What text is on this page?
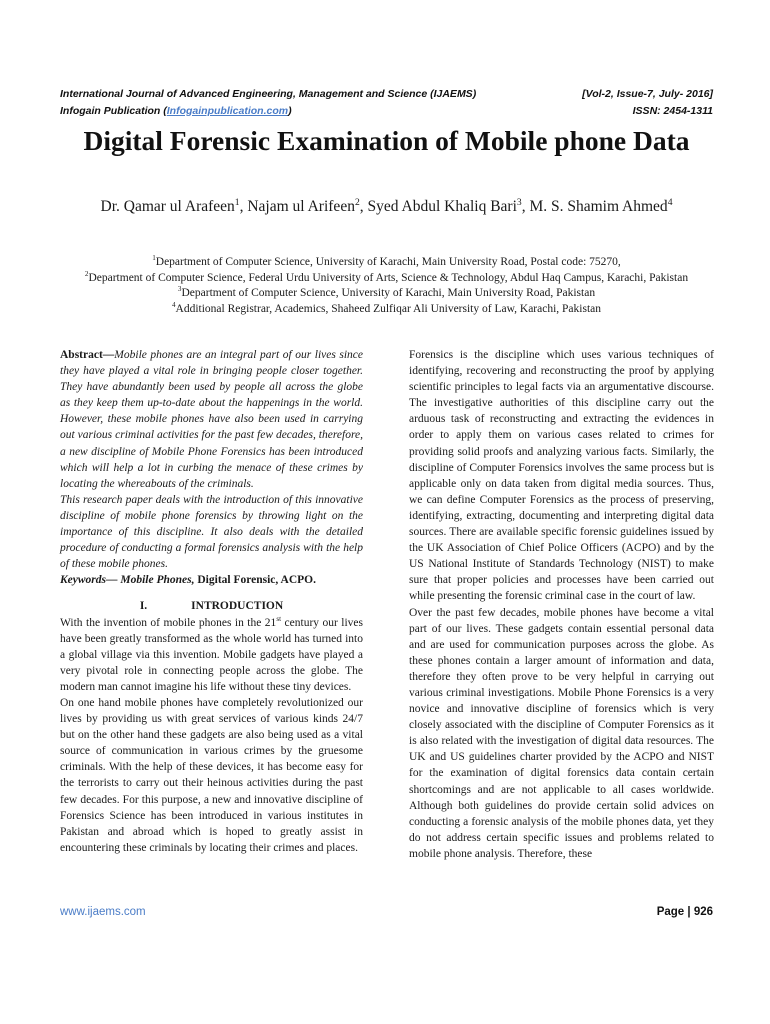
International Journal of Advanced Engineering, Management and Science (IJAEMS)
Infogain Publication (Infogainpublication.com)
[Vol-2, Issue-7, July- 2016]
ISSN: 2454-1311
Digital Forensic Examination of Mobile phone Data
Dr. Qamar ul Arafeen$^1$, Najam ul Arifeen$^2$, Syed Abdul Khaliq Bari$^3$, M. S. Shamim Ahmed$^4$
$^1$Department of Computer Science, University of Karachi, Main University Road, Postal code: 75270,
$^2$Department of Computer Science, Federal Urdu University of Arts, Science & Technology, Abdul Haq Campus, Karachi, Pakistan
$^3$Department of Computer Science, University of Karachi, Main University Road, Pakistan
$^4$Additional Registrar, Academics, Shaheed Zulfiqar Ali University of Law, Karachi, Pakistan

Abstract—Mobile phones are an integral part of our lives since they have played a vital role in bringing people closer together. They have abundantly been used by people all across the globe as they keep them up-to-date about the happenings in the world. However, these mobile phones have also been used in carrying out various criminal activities for the past few decades, therefore, a new discipline of Mobile Phone Forensics has been introduced which will help a lot in curbing the menace of these crimes by locating the whereabouts of the criminals.

This research paper deals with the introduction of this innovative discipline of mobile phone forensics by throwing light on the importance of this discipline. It also deals with the detailed procedure of conducting a formal forensics analysis with the help of these mobile phones.

Keywords— Mobile Phones, Digital Forensic, ACPO.

I.	INTRODUCTION

With the invention of mobile phones in the 21st century our lives have been greatly transformed as the whole world has turned into a global village via this invention. Mobile gadgets have played a very pivotal role in connecting people across the globe. The modern man cannot imagine his life without these tiny devices.

On one hand mobile phones have completely revolutionized our lives by providing us with great services of various kinds 24/7 but on the other hand these gadgets are also being used as a vital source of communication in various crimes by the gruesome criminals. With the help of these devices, it has become easy for the terrorists to carry out their heinous activities during the past few decades. For this purpose, a new and innovative discipline of Forensics Science has been introduced in various institutes in Pakistan and abroad which is hoped to greatly assist in encountering these criminals by locating their crimes and places.

Forensics is the discipline which uses various techniques of identifying, recovering and reconstructing the proof by applying scientific principles to legal facts via an argumentative discourse. The investigative authorities of this discipline carry out the arduous task of reconstructing and extracting the evidences in order to apply them on various cases related to crimes for providing solid proofs and analyzing various facts. Similarly, the discipline of Computer Forensics involves the same process but is applicable only on data taken from digital media sources. Thus, we can define Computer Forensics as the process of preserving, identifying, extracting, documenting and interpreting digital data sources. There are available specific forensic guidelines issued by the UK Association of Chief Police Officers (ACPO) and by the US National Institute of Standards Technology (NIST) to make sure that proper policies and processes have been carried out while presenting the forensic criminal case in the court of law.

Over the past few decades, mobile phones have become a vital part of our lives. These gadgets contain essential personal data and are used for communication purposes across the globe. As these phones contain a larger amount of information and data, therefore they often prove to be very helpful in carrying out various criminal investigations. Mobile Phone Forensics is a very novice and innovative discipline of forensics which is very closely associated with the discipline of Computer Forensics as it is also related with the investigation of digital data resources. The UK and US guidelines charter provided by the ACPO and NIST for the examination of digital forensics data contain certain shortcomings and are not applicable to all cases worldwide. Although both guidelines do provide certain solid advices on conducting a forensic analysis of the mobile phones data, yet they do not address certain specific issues and problems related to mobile phone analysis. Therefore, these

www.ijaems.com	Page | 926
